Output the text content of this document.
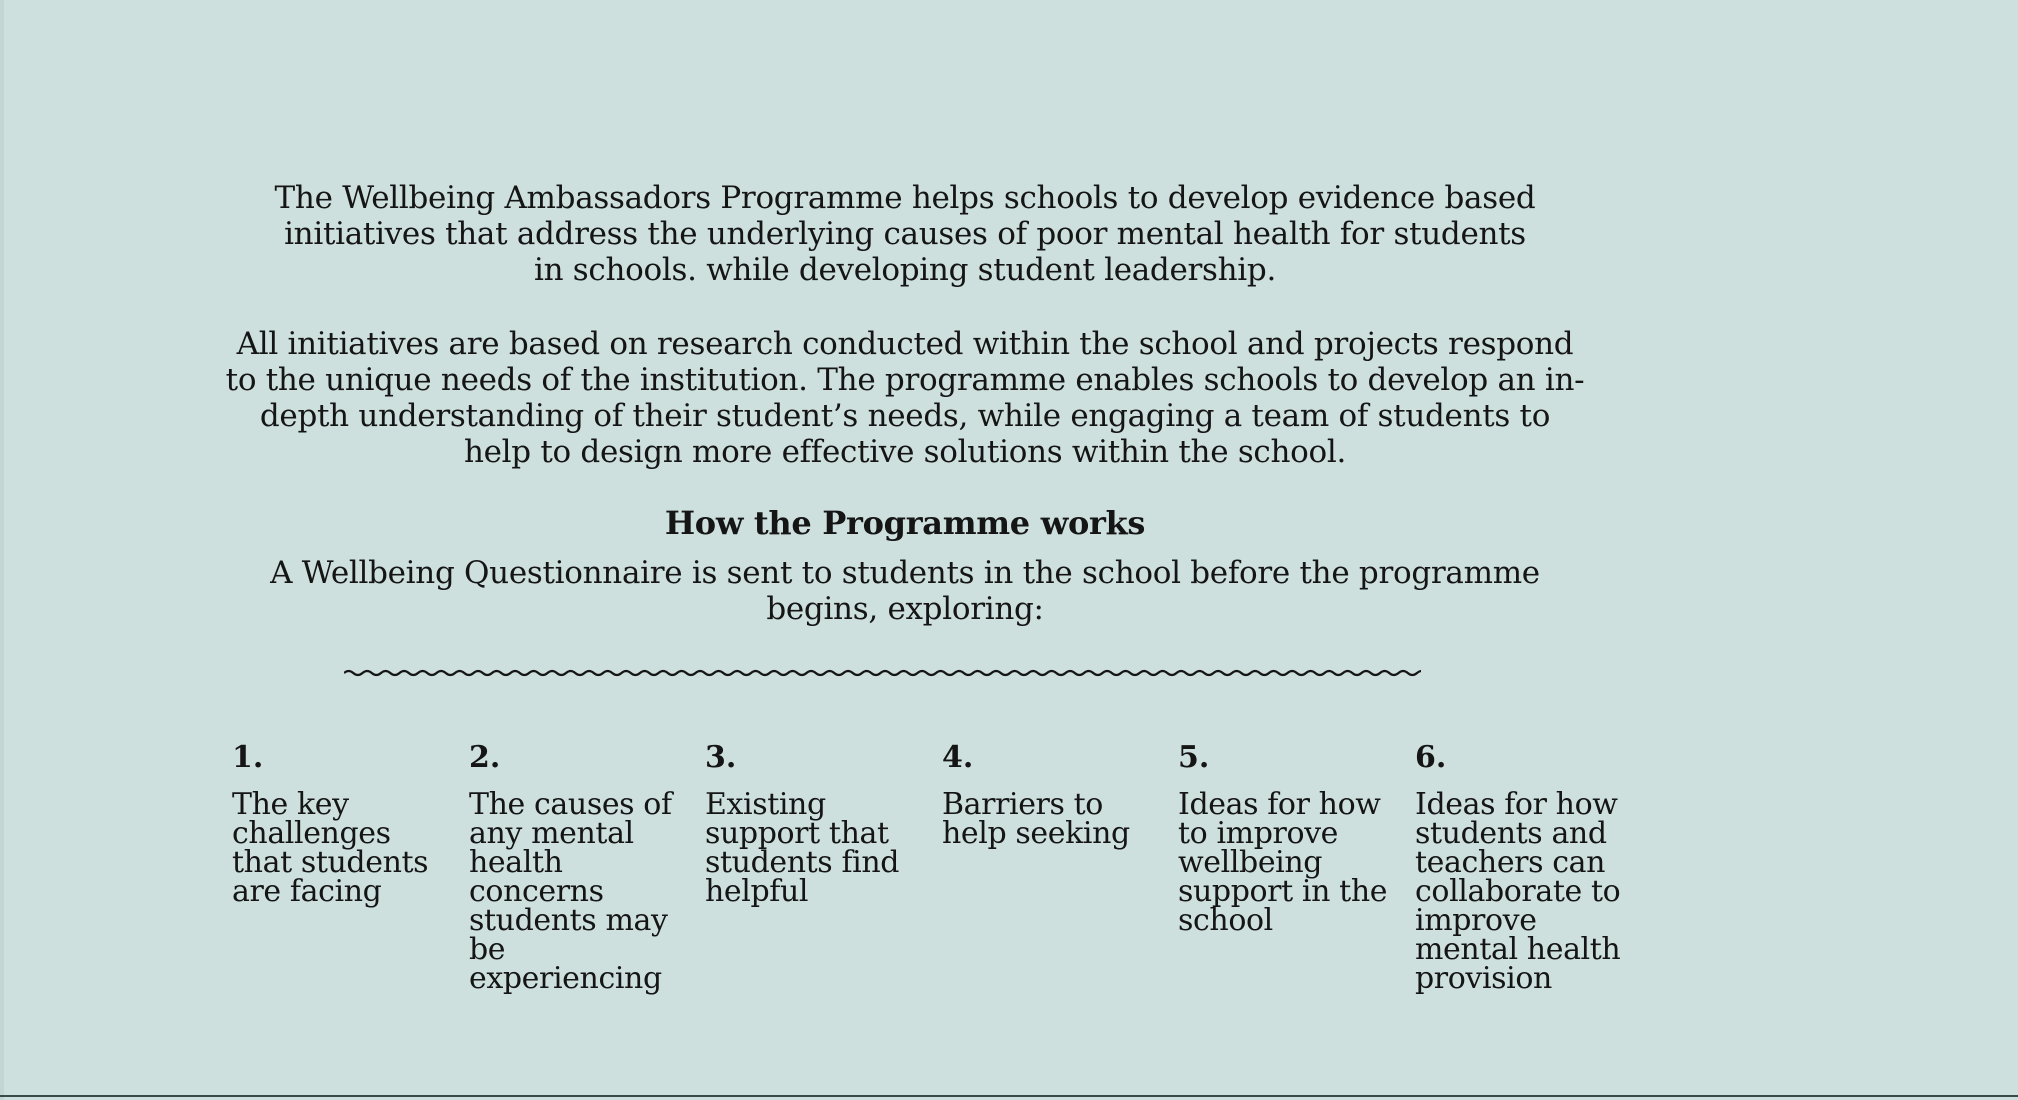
The Wellbeing Ambassadors Programme helps schools to develop evidence based initiatives that address the underlying causes of poor mental health for students in schools. while developing student leadership.

All initiatives are based on research conducted within the school and projects respond to the unique needs of the institution. The programme enables schools to develop an in-depth understanding of their student’s needs, while engaging a team of students to help to design more effective solutions within the school.

How the Programme works

A Wellbeing Questionnaire is sent to students in the school before the programme begins, exploring:

1.
The key challenges that students are facing
2.
The causes of any mental health concerns students may be experiencing
3.
Existing support that students find helpful
4.
Barriers to help seeking
5.
Ideas for how to improve wellbeing support in the school
6.
Ideas for how students and teachers can collaborate to improve mental health provision
